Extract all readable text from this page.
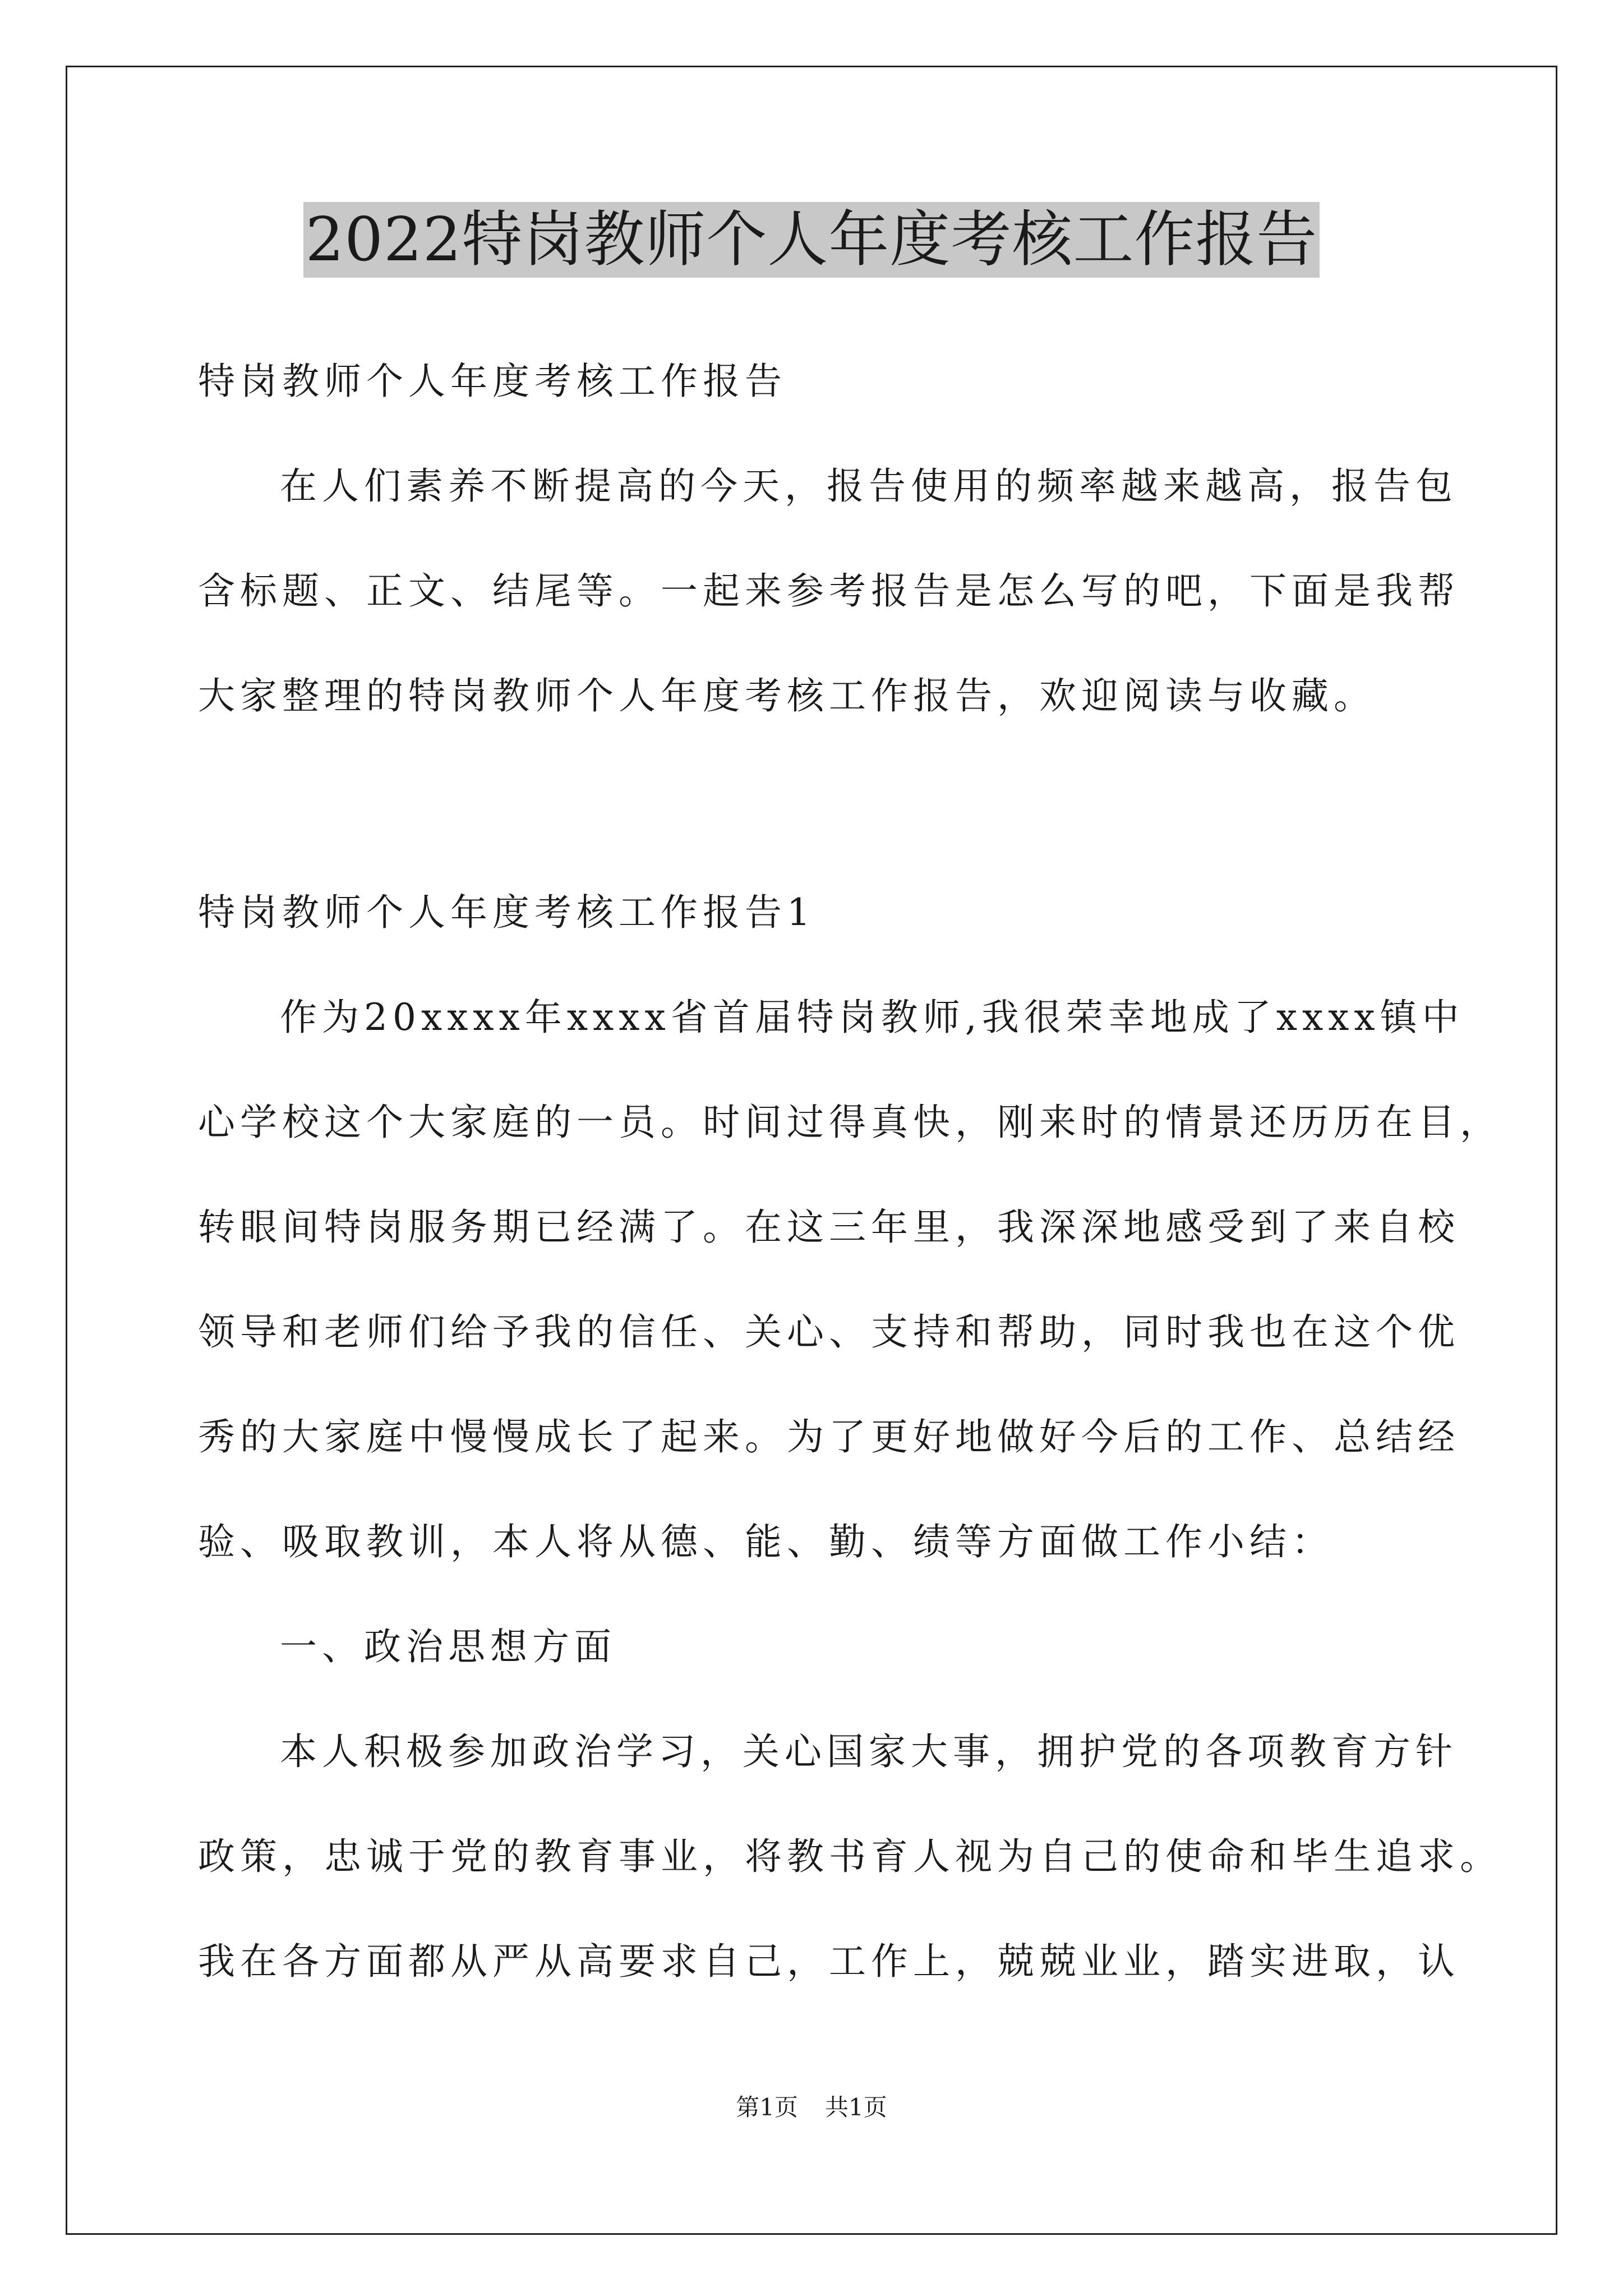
2022特岗教师个人年度考核工作报告
特岗教师个人年度考核工作报告
在人们素养不断提高的今天，报告使用的频率越来越高，报告包
含标题、正文、结尾等。一起来参考报告是怎么写的吧，下面是我帮
大家整理的特岗教师个人年度考核工作报告，欢迎阅读与收藏。
特岗教师个人年度考核工作报告1
作为20xxxx年xxxx省首届特岗教师,我很荣幸地成了xxxx镇中
心学校这个大家庭的一员。时间过得真快，刚来时的情景还历历在目，
转眼间特岗服务期已经满了。在这三年里，我深深地感受到了来自校
领导和老师们给予我的信任、关心、支持和帮助，同时我也在这个优
秀的大家庭中慢慢成长了起来。为了更好地做好今后的工作、总结经
验、吸取教训，本人将从德、能、勤、绩等方面做工作小结：
一、政治思想方面
本人积极参加政治学习，关心国家大事，拥护党的各项教育方针
政策，忠诚于党的教育事业，将教书育人视为自己的使命和毕生追求。
我在各方面都从严从高要求自己，工作上，兢兢业业，踏实进取，认
第1页 共1页
